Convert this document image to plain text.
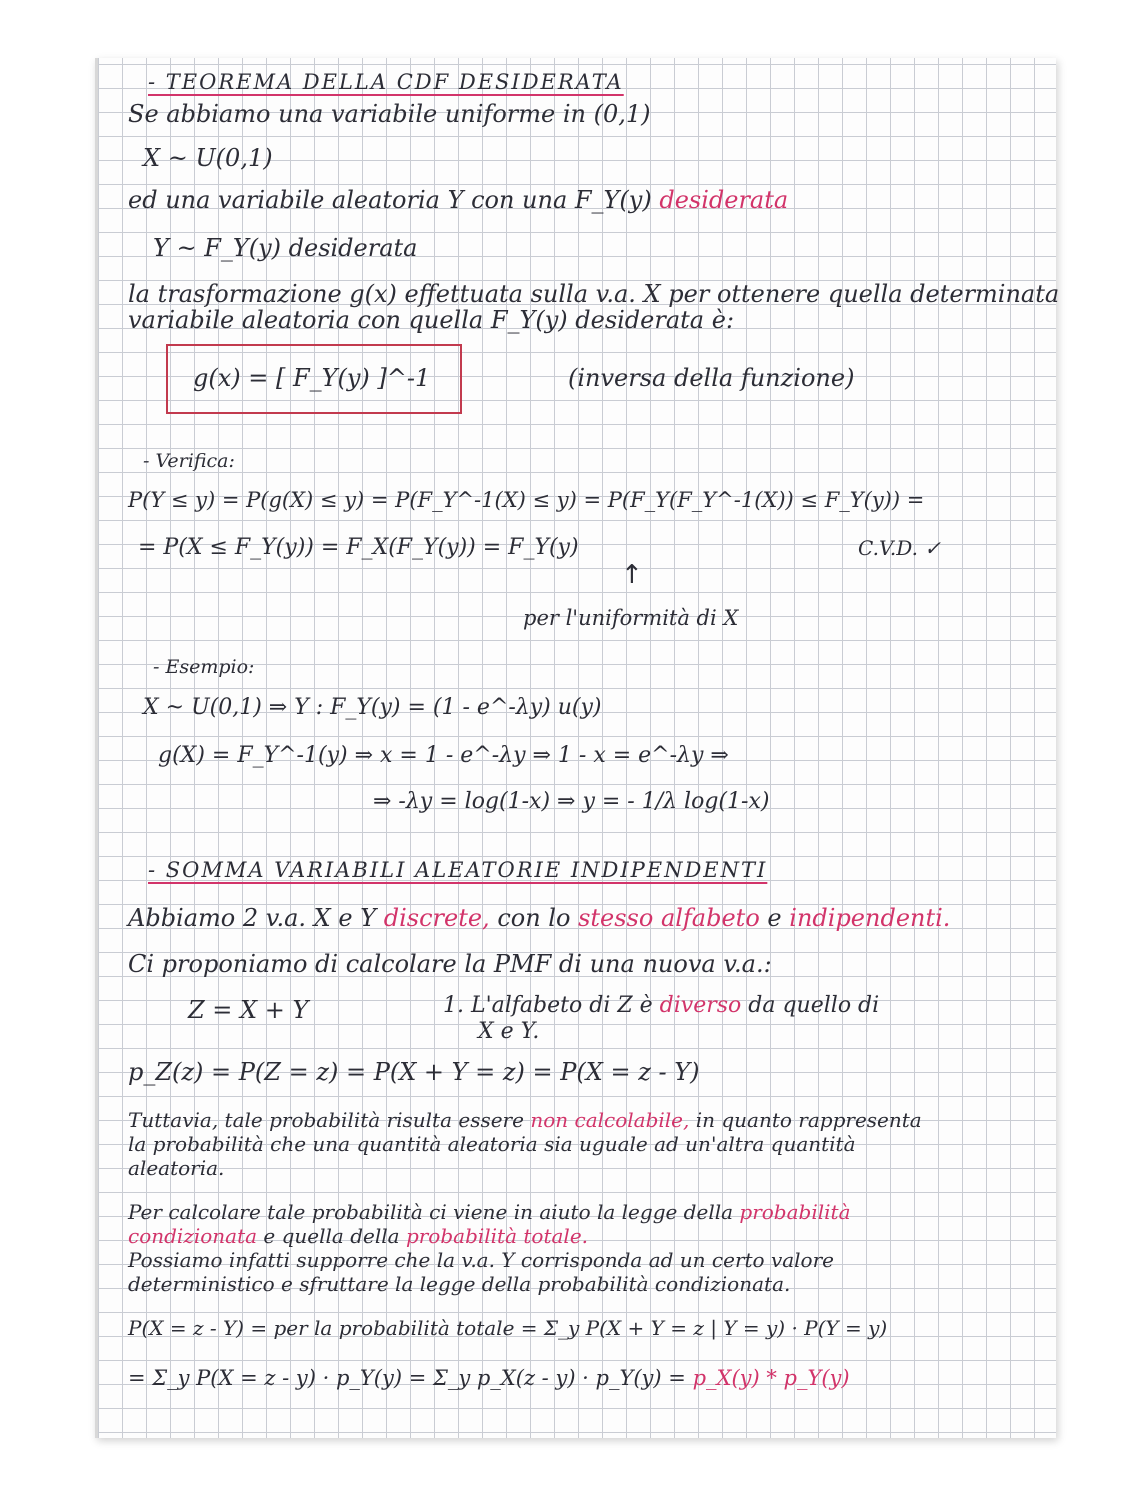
- TEOREMA DELLA CDF DESIDERATA
Se abbiamo una variabile uniforme in (0,1)
X ~ U(0,1)
ed una variabile aleatoria Y con una F_Y(y) desiderata
Y ~ F_Y(y) desiderata
la trasformazione g(x) effettuata sulla v.a. X per ottenere quella determinata
variabile aleatoria con quella F_Y(y) desiderata è:
g(x) = [ F_Y(y) ]^-1	(inversa della funzione)
- Verifica:
P(Y ≤ y) = P(g(X) ≤ y) = P(F_Y^-1(X) ≤ y) = P(F_Y(F_Y^-1(X)) ≤ F_Y(y)) =
= P(X ≤ F_Y(y)) = F_X(F_Y(y)) = F_Y(y)	C.V.D. ✓
↑
per l'uniformità di X
- Esempio:
X ~ U(0,1) ⇒ Y : F_Y(y) = (1 - e^-λy) u(y)
g(X) = F_Y^-1(y) ⇒ x = 1 - e^-λy ⇒ 1 - x = e^-λy ⇒
⇒ -λy = log(1-x) ⇒ y = - 1/λ log(1-x)
- SOMMA VARIABILI ALEATORIE INDIPENDENTI
Abbiamo 2 v.a. X e Y discrete, con lo stesso alfabeto e indipendenti.
Ci proponiamo di calcolare la PMF di una nuova v.a.:
Z = X + Y	1. L'alfabeto di Z è diverso da quello di
X e Y.
p_Z(z) = P(Z = z) = P(X + Y = z) = P(X = z - Y)
Tuttavia, tale probabilità risulta essere non calcolabile, in quanto rappresenta
la probabilità che una quantità aleatoria sia uguale ad un'altra quantità
aleatoria.
Per calcolare tale probabilità ci viene in aiuto la legge della probabilità
condizionata e quella della probabilità totale.
Possiamo infatti supporre che la v.a. Y corrisponda ad un certo valore
deterministico e sfruttare la legge della probabilità condizionata.
P(X = z - Y) = per la probabilità totale = Σ_y P(X + Y = z | Y = y) · P(Y = y)
= Σ_y P(X = z - y) · p_Y(y) = Σ_y p_X(z - y) · p_Y(y) = p_X(y) * p_Y(y)
